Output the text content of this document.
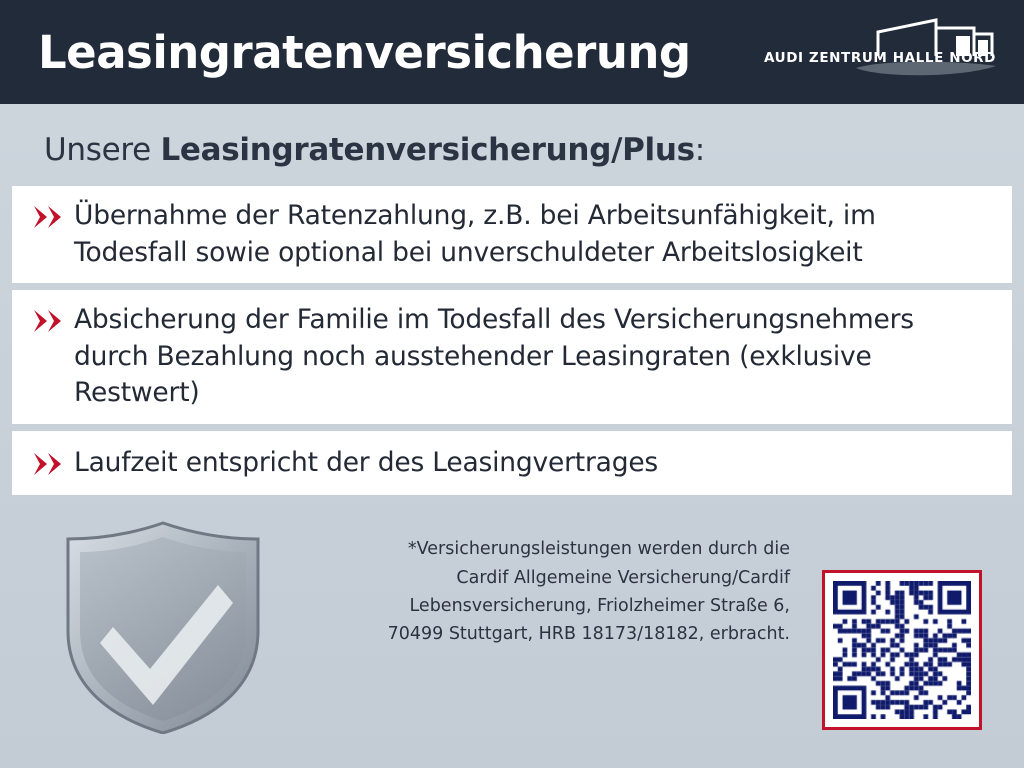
Leasingratenversicherung	AUDI ZENTRUM HALLE NORD
Unsere Leasingratenversicherung/Plus:
Übernahme der Ratenzahlung, z.B. bei Arbeitsunfähigkeit, im Todesfall sowie optional bei unverschuldeter Arbeitslosigkeit
Absicherung der Familie im Todesfall des Versicherungsnehmers durch Bezahlung noch ausstehender Leasingraten (exklusive Restwert)
Laufzeit entspricht der des Leasingvertrages
*Versicherungsleistungen werden durch die Cardif Allgemeine Versicherung/Cardif Lebensversicherung, Friolzheimer Straße 6, 70499 Stuttgart, HRB 18173/18182, erbracht.
